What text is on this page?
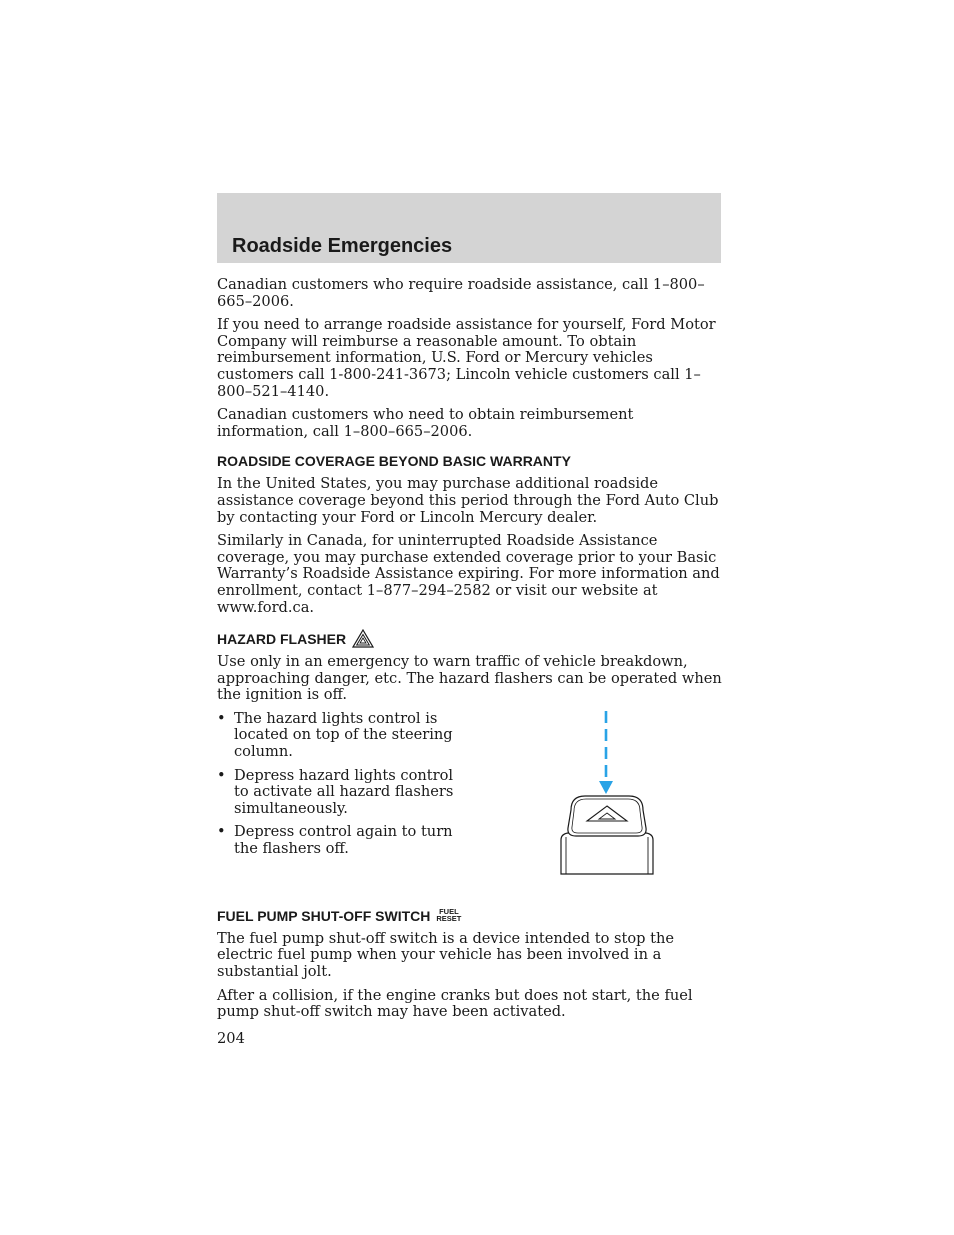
Roadside Emergencies

Canadian customers who require roadside assistance, call 1–800–665–2006.

If you need to arrange roadside assistance for yourself, Ford Motor Company will reimburse a reasonable amount. To obtain reimbursement information, U.S. Ford or Mercury vehicles customers call 1-800-241-3673; Lincoln vehicle customers call 1–800–521–4140.

Canadian customers who need to obtain reimbursement information, call 1–800–665–2006.

ROADSIDE COVERAGE BEYOND BASIC WARRANTY

In the United States, you may purchase additional roadside assistance coverage beyond this period through the Ford Auto Club by contacting your Ford or Lincoln Mercury dealer.

Similarly in Canada, for uninterrupted Roadside Assistance coverage, you may purchase extended coverage prior to your Basic Warranty’s Roadside Assistance expiring. For more information and enrollment, contact 1–877–294–2582 or visit our website at www.ford.ca.

HAZARD FLASHER

Use only in an emergency to warn traffic of vehicle breakdown, approaching danger, etc. The hazard flashers can be operated when the ignition is off.

• The hazard lights control is located on top of the steering column.
• Depress hazard lights control to activate all hazard flashers simultaneously.
• Depress control again to turn the flashers off.
FUEL PUMP SHUT-OFF SWITCH	FUEL
RESET

The fuel pump shut-off switch is a device intended to stop the electric fuel pump when your vehicle has been involved in a substantial jolt.

After a collision, if the engine cranks but does not start, the fuel pump shut-off switch may have been activated.

204
